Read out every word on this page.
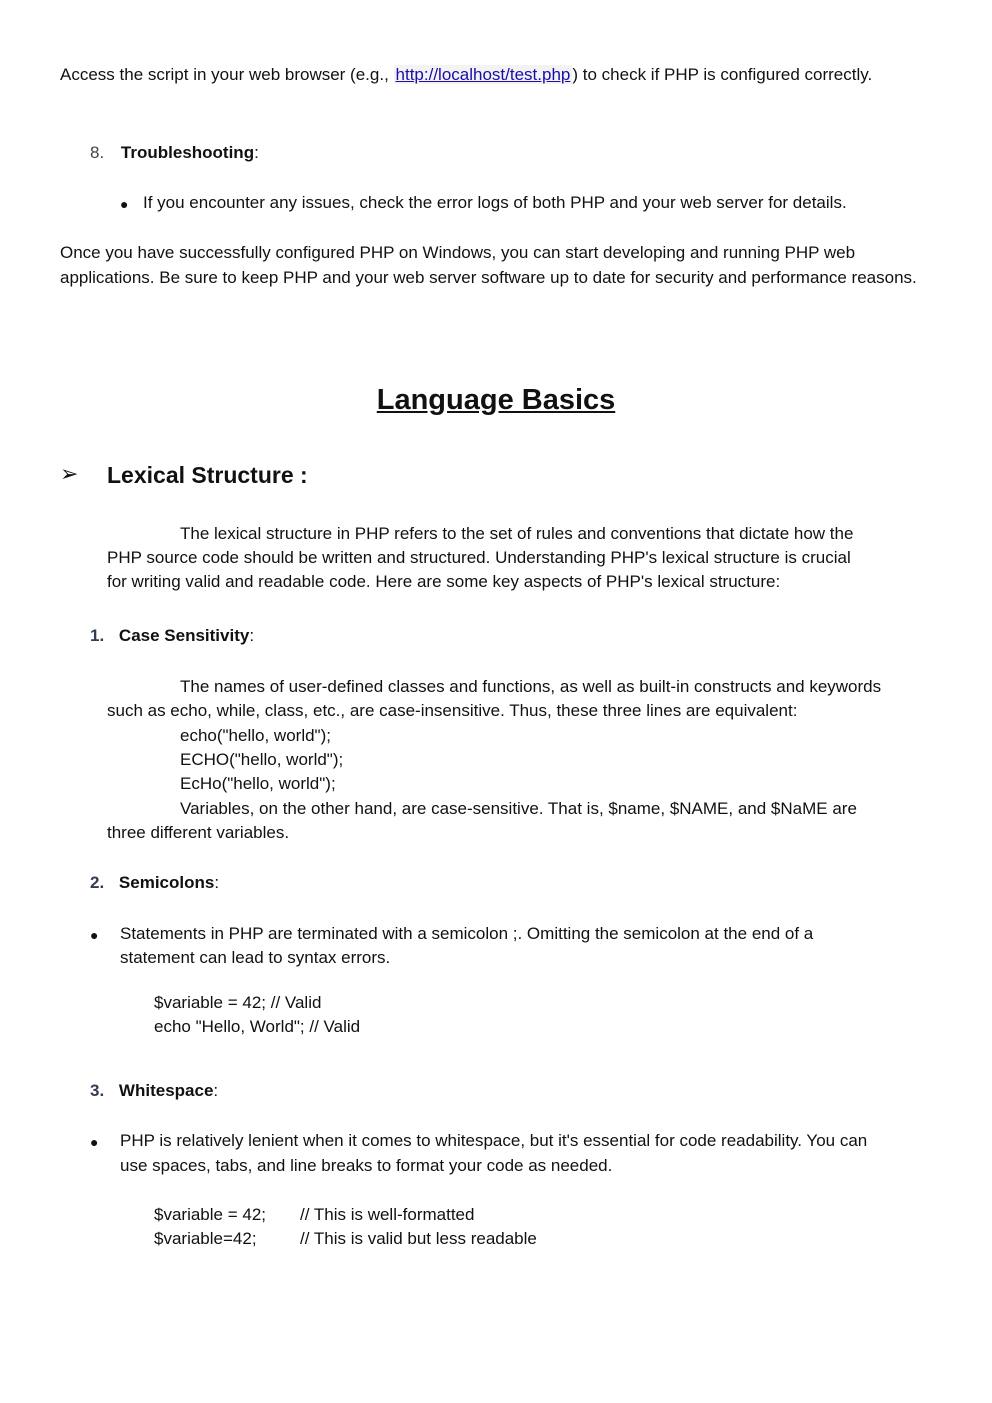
Access the script in your web browser (e.g., http://localhost/test.php ) to check if PHP is configured correctly.

8. Troubleshooting:
● If you encounter any issues, check the error logs of both PHP and your web server for details.

Once you have successfully configured PHP on Windows, you can start developing and running PHP web applications. Be sure to keep PHP and your web server software up to date for security and performance reasons.

Language Basics
➢ Lexical Structure :

The lexical structure in PHP refers to the set of rules and conventions that dictate how the

PHP source code should be written and structured. Understanding PHP's lexical structure is crucial

for writing valid and readable code. Here are some key aspects of PHP's lexical structure:

1. Case Sensitivity:

The names of user-defined classes and functions, as well as built-in constructs and keywords

such as echo, while, class, etc., are case-insensitive. Thus, these three lines are equivalent:

echo("hello, world");

ECHO("hello, world");

EcHo("hello, world");

Variables, on the other hand, are case-sensitive. That is, $name, $NAME, and $NaME are

three different variables.

2. Semicolons:
● Statements in PHP are terminated with a semicolon ;. Omitting the semicolon at the end of a

statement can lead to syntax errors.

$variable = 42; // Valid

echo "Hello, World"; // Valid

3. Whitespace:
● PHP is relatively lenient when it comes to whitespace, but it's essential for code readability. You can

use spaces, tabs, and line breaks to format your code as needed.

$variable = 42; // This is well-formatted

$variable=42;	// This is valid but less readable
